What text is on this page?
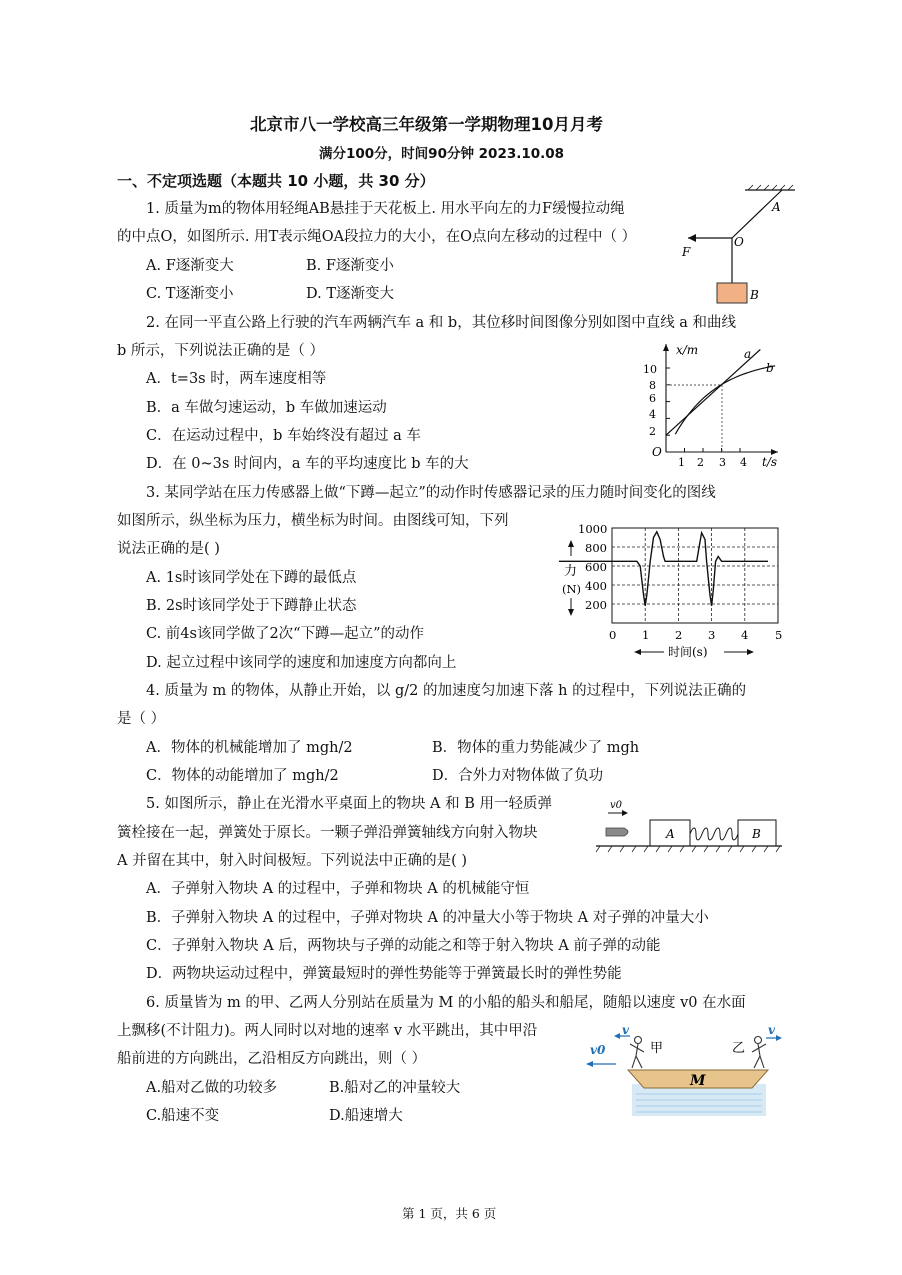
北京市八一学校高三年级第一学期物理10月月考
满分100分，时间90分钟 2023.10.08
一、不定项选题（本题共 10 小题，共 30 分）
1. 质量为m的物体用轻绳AB悬挂于天花板上. 用水平向左的力F缓慢拉动绳
的中点O，如图所示. 用T表示绳OA段拉力的大小，在O点向左移动的过程中（ ）
A. F逐渐变大	B. F逐渐变小
C. T逐渐变小	D. T逐渐变大
A
O
F
B
2. 在同一平直公路上行驶的汽车两辆汽车 a 和 b，其位移时间图像分别如图中直线 a 和曲线
b 所示，下列说法正确的是（ ）
A．t=3s 时，两车速度相等
B．a 车做匀速运动，b 车做加速运动
C．在运动过程中，b 车始终没有超过 a 车
D．在 0~3s 时间内，a 车的平均速度比 b 车的大
x/m
t/s
O
a
b
2
4
6
8
10
1 2 3 4
3. 某同学站在压力传感器上做“下蹲—起立”的动作时传感器记录的压力随时间变化的图线
如图所示，纵坐标为压力，横坐标为时间。由图线可知，下列
说法正确的是( )
A. 1s时该同学处在下蹲的最低点
B. 2s时该同学处于下蹲静止状态
C. 前4s该同学做了2次“下蹲—起立”的动作
D. 起立过程中该同学的速度和加速度方向都向上
1000
800
600
400
200
0 1 2 3 4 5
力
(N)
时间(s)
4. 质量为 m 的物体，从静止开始，以 g/2 的加速度匀加速下落 h 的过程中，下列说法正确的
是（ ）
A．物体的机械能增加了 mgh/2	B．物体的重力势能减少了 mgh
C．物体的动能增加了 mgh/2	D．合外力对物体做了负功
5. 如图所示，静止在光滑水平桌面上的物块 A 和 B 用一轻质弹
簧栓接在一起，弹簧处于原长。一颗子弹沿弹簧轴线方向射入物块
A 并留在其中，射入时间极短。下列说法中正确的是( )
A．子弹射入物块 A 的过程中，子弹和物块 A 的机械能守恒
B．子弹射入物块 A 的过程中，子弹对物块 A 的冲量大小等于物块 A 对子弹的冲量大小
C．子弹射入物块 A 后，两物块与子弹的动能之和等于射入物块 A 前子弹的动能
D．两物块运动过程中，弹簧最短时的弹性势能等于弹簧最长时的弹性势能
v0
A	B
6. 质量皆为 m 的甲、乙两人分别站在质量为 M 的小船的船头和船尾，随船以速度 v0 在水面
上飘移(不计阻力)。两人同时以对地的速率 v 水平跳出，其中甲沿
船前进的方向跳出，乙沿相反方向跳出，则（ ）
A.船对乙做的功较多	B.船对乙的冲量较大
C.船速不变	D.船速增大
M
甲	乙
v	v
v0
第 1 页，共 6 页
